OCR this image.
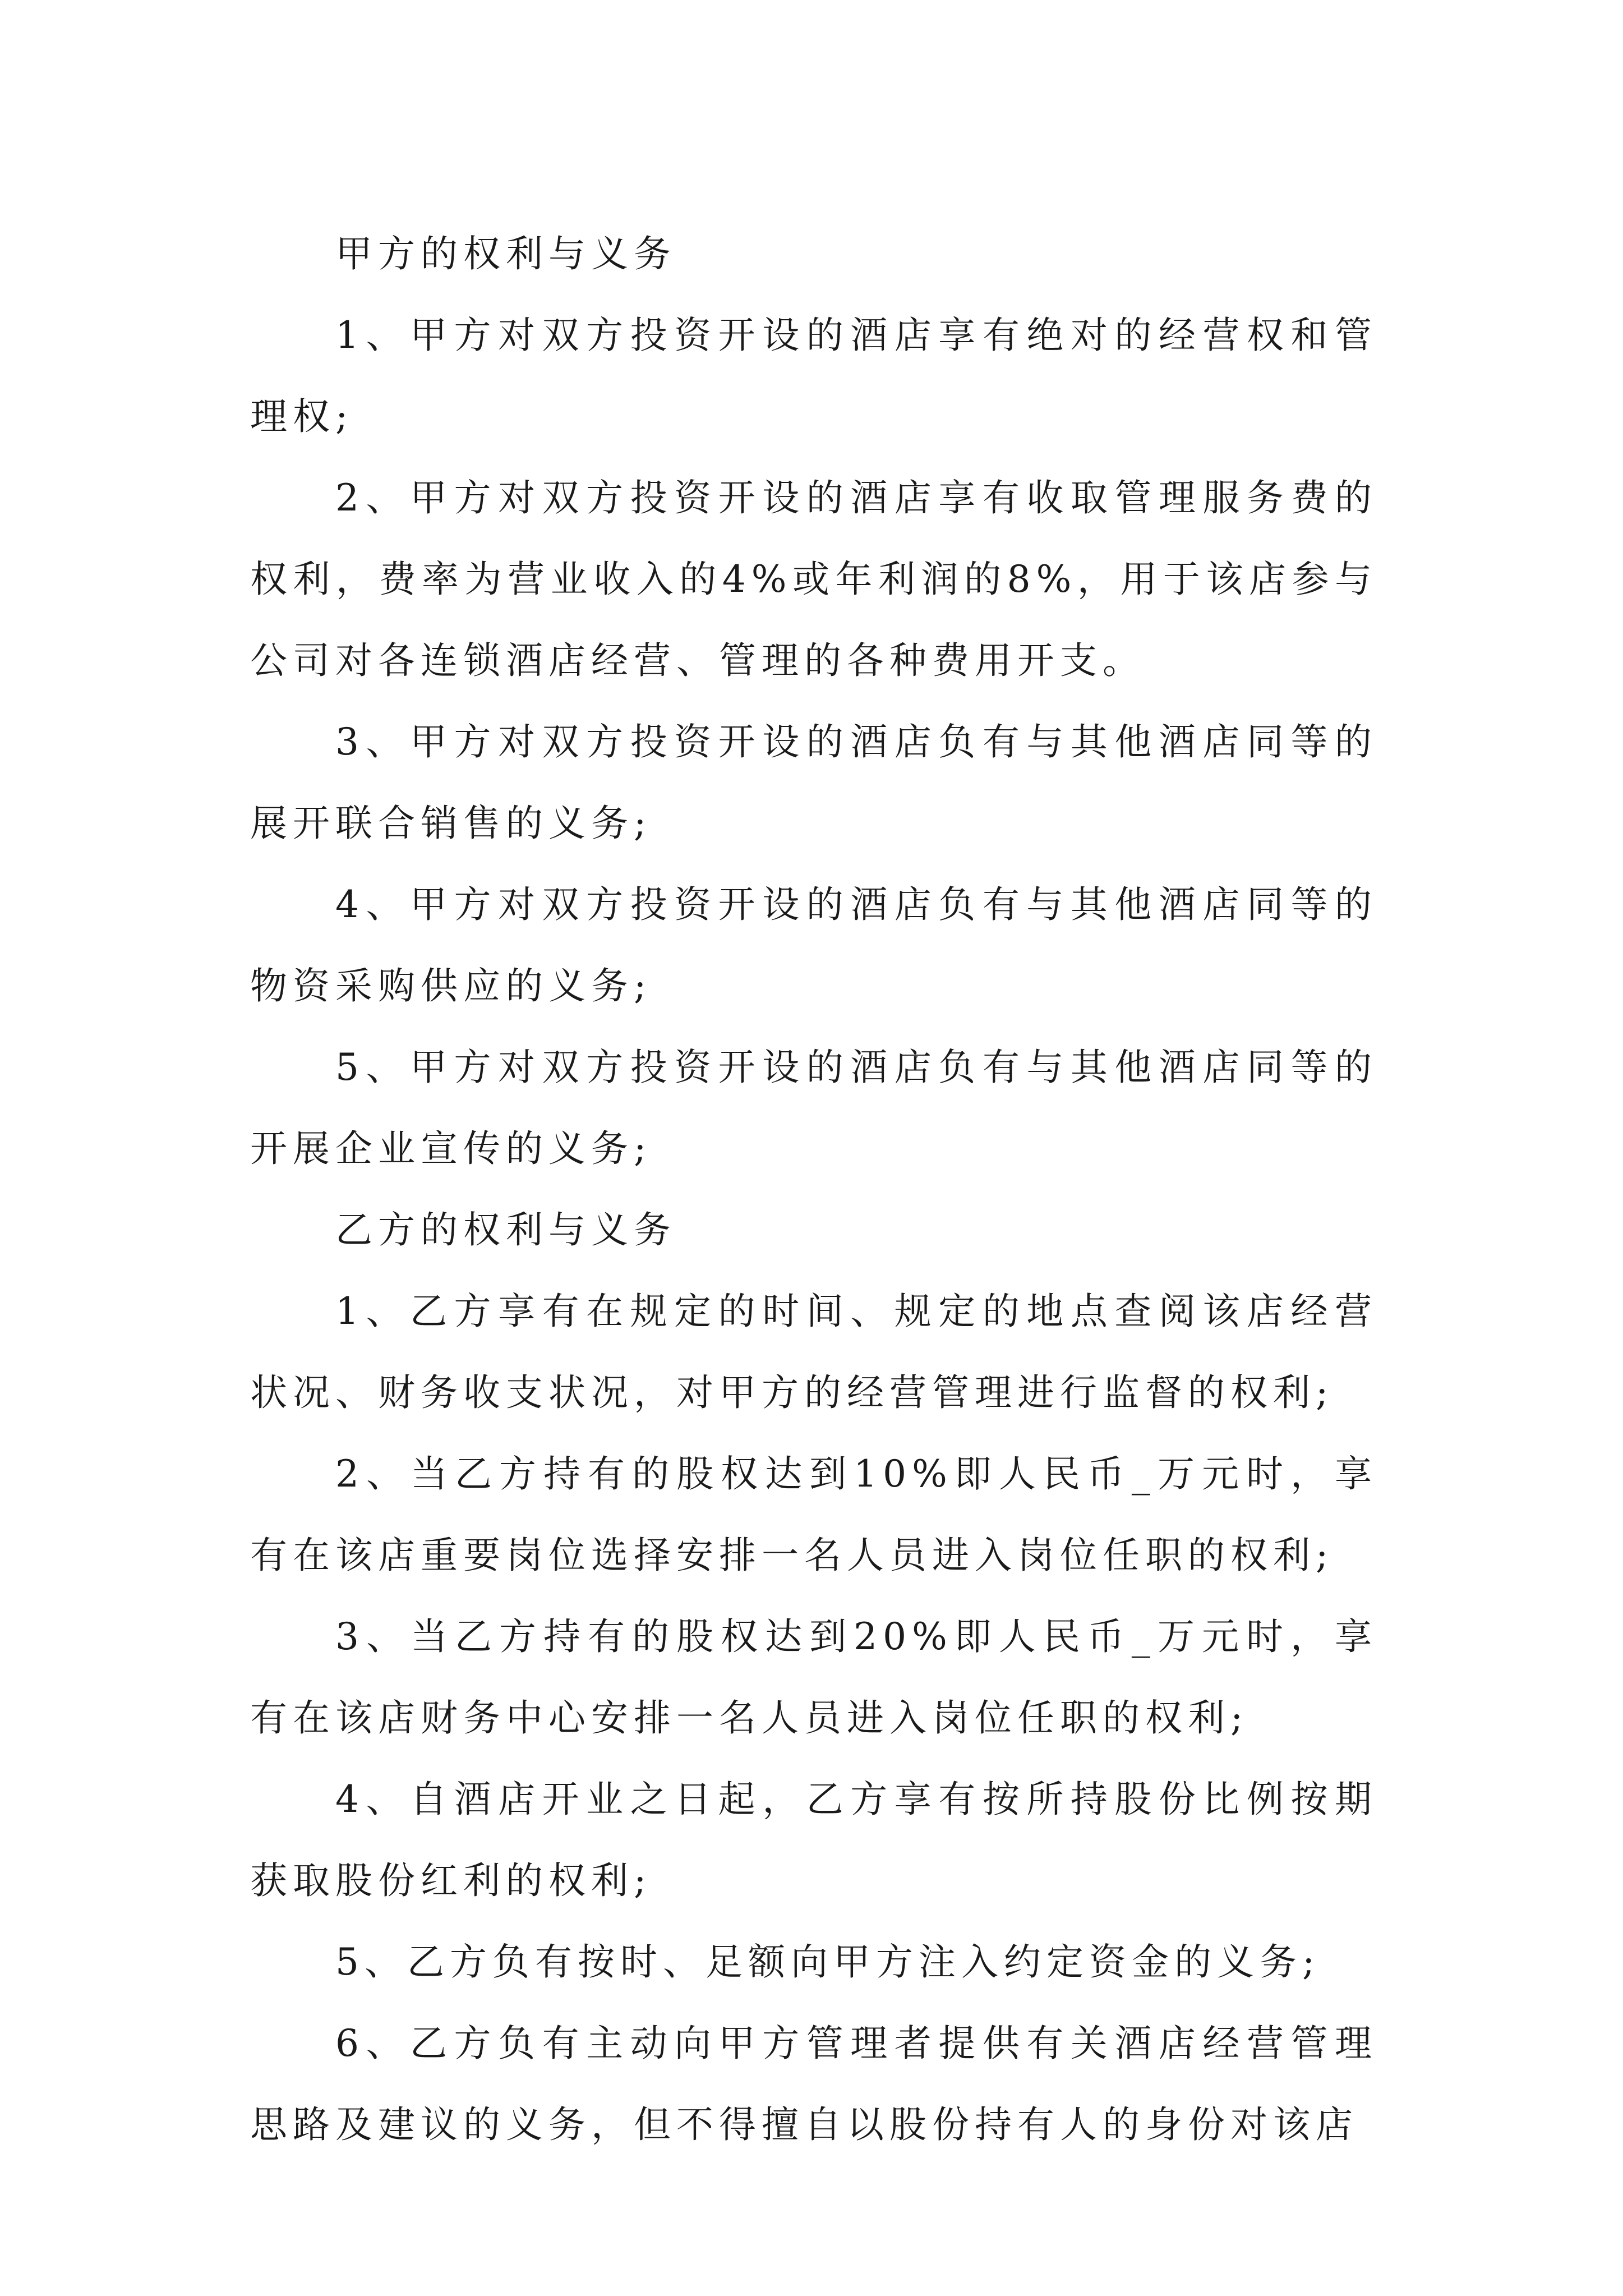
甲方的权利与义务

1、甲方对双方投资开设的酒店享有绝对的经营权和管理权;

2、甲方对双方投资开设的酒店享有收取管理服务费的权利，费率为营业收入的4%或年利润的8%，用于该店参与公司对各连锁酒店经营、管理的各种费用开支。

3、甲方对双方投资开设的酒店负有与其他酒店同等的展开联合销售的义务;

4、甲方对双方投资开设的酒店负有与其他酒店同等的物资采购供应的义务;

5、甲方对双方投资开设的酒店负有与其他酒店同等的开展企业宣传的义务;

乙方的权利与义务

1、乙方享有在规定的时间、规定的地点查阅该店经营状况、财务收支状况，对甲方的经营管理进行监督的权利;

2、当乙方持有的股权达到10%即人民币_万元时，享有在该店重要岗位选择安排一名人员进入岗位任职的权利;

3、当乙方持有的股权达到20%即人民币_万元时，享有在该店财务中心安排一名人员进入岗位任职的权利;

4、自酒店开业之日起，乙方享有按所持股份比例按期获取股份红利的权利;

5、乙方负有按时、足额向甲方注入约定资金的义务;

6、乙方负有主动向甲方管理者提供有关酒店经营管理思路及建议的义务，但不得擅自以股份持有人的身份对该店
